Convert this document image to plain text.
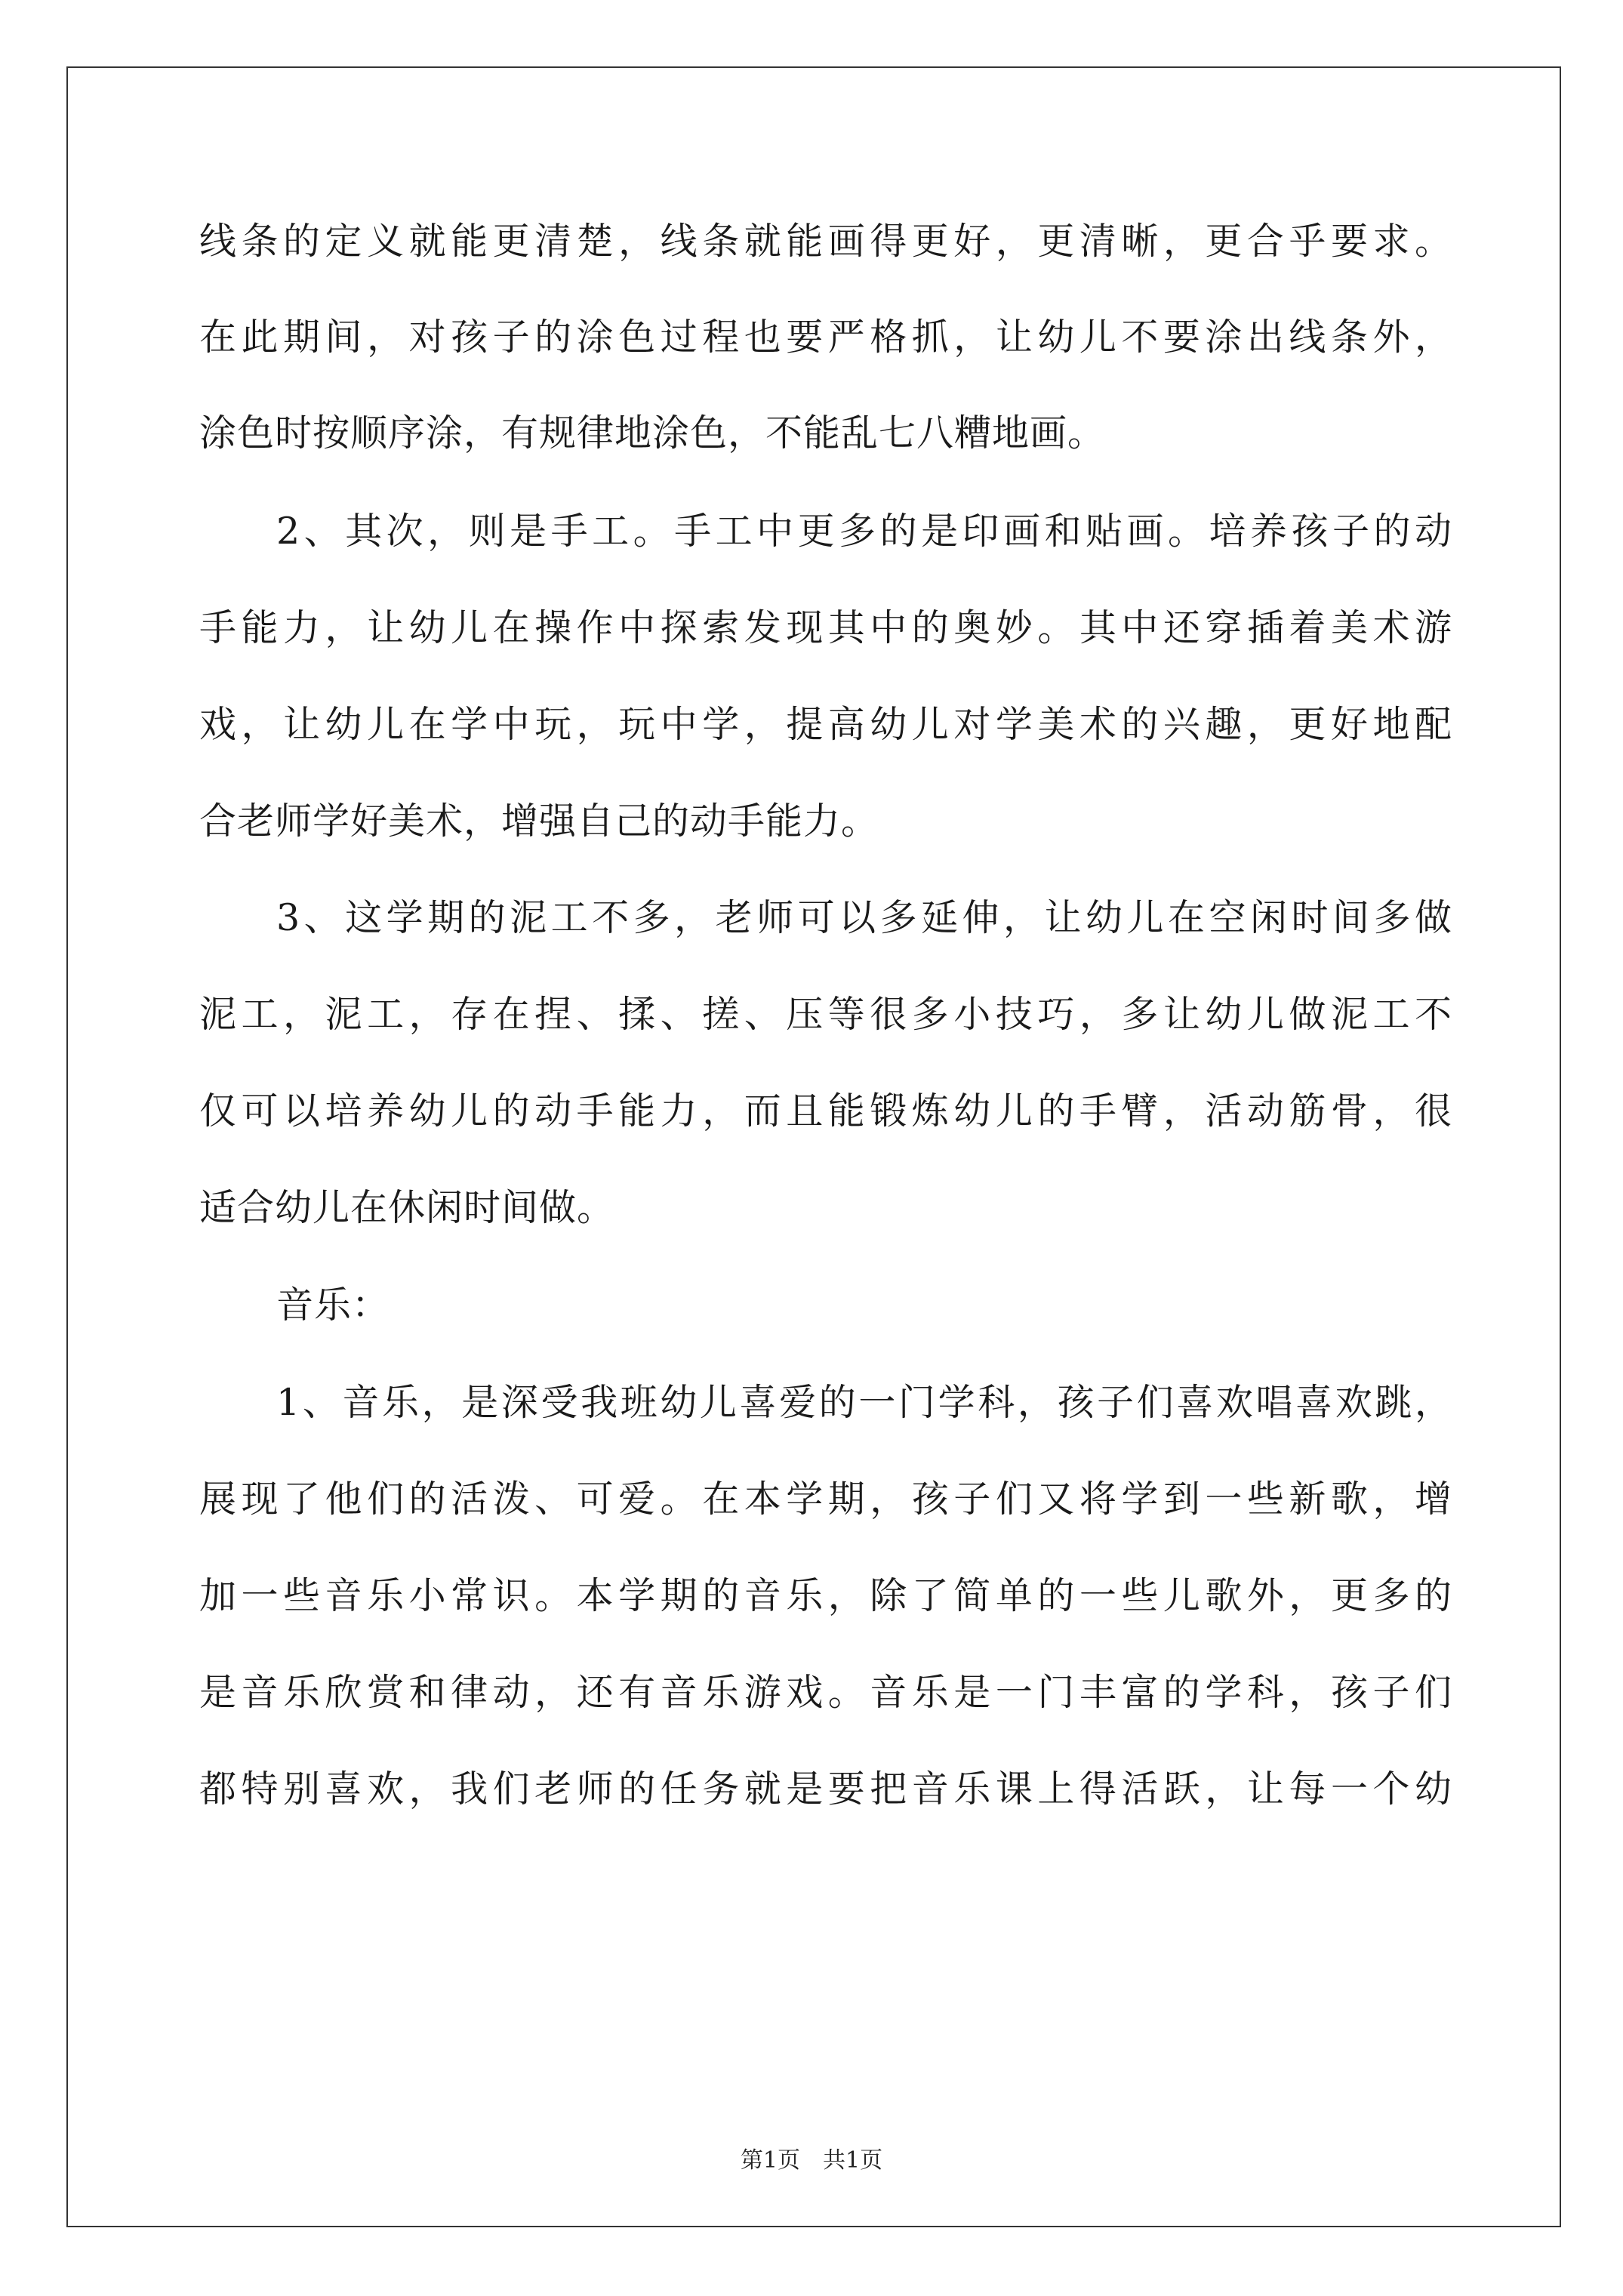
线条的定义就能更清楚，线条就能画得更好，更清晰，更合乎要求。
在此期间，对孩子的涂色过程也要严格抓，让幼儿不要涂出线条外，
涂色时按顺序涂，有规律地涂色，不能乱七八糟地画。
2、其次，则是手工。手工中更多的是印画和贴画。培养孩子的动
手能力，让幼儿在操作中探索发现其中的奥妙。其中还穿插着美术游
戏，让幼儿在学中玩，玩中学，提高幼儿对学美术的兴趣，更好地配
合老师学好美术，增强自己的动手能力。
3、这学期的泥工不多，老师可以多延伸，让幼儿在空闲时间多做
泥工，泥工，存在捏、揉、搓、压等很多小技巧，多让幼儿做泥工不
仅可以培养幼儿的动手能力，而且能锻炼幼儿的手臂，活动筋骨，很
适合幼儿在休闲时间做。
音乐：
1、音乐，是深受我班幼儿喜爱的一门学科，孩子们喜欢唱喜欢跳，
展现了他们的活泼、可爱。在本学期，孩子们又将学到一些新歌，增
加一些音乐小常识。本学期的音乐，除了简单的一些儿歌外，更多的
是音乐欣赏和律动，还有音乐游戏。音乐是一门丰富的学科，孩子们
都特别喜欢，我们老师的任务就是要把音乐课上得活跃，让每一个幼
第1页　共1页
